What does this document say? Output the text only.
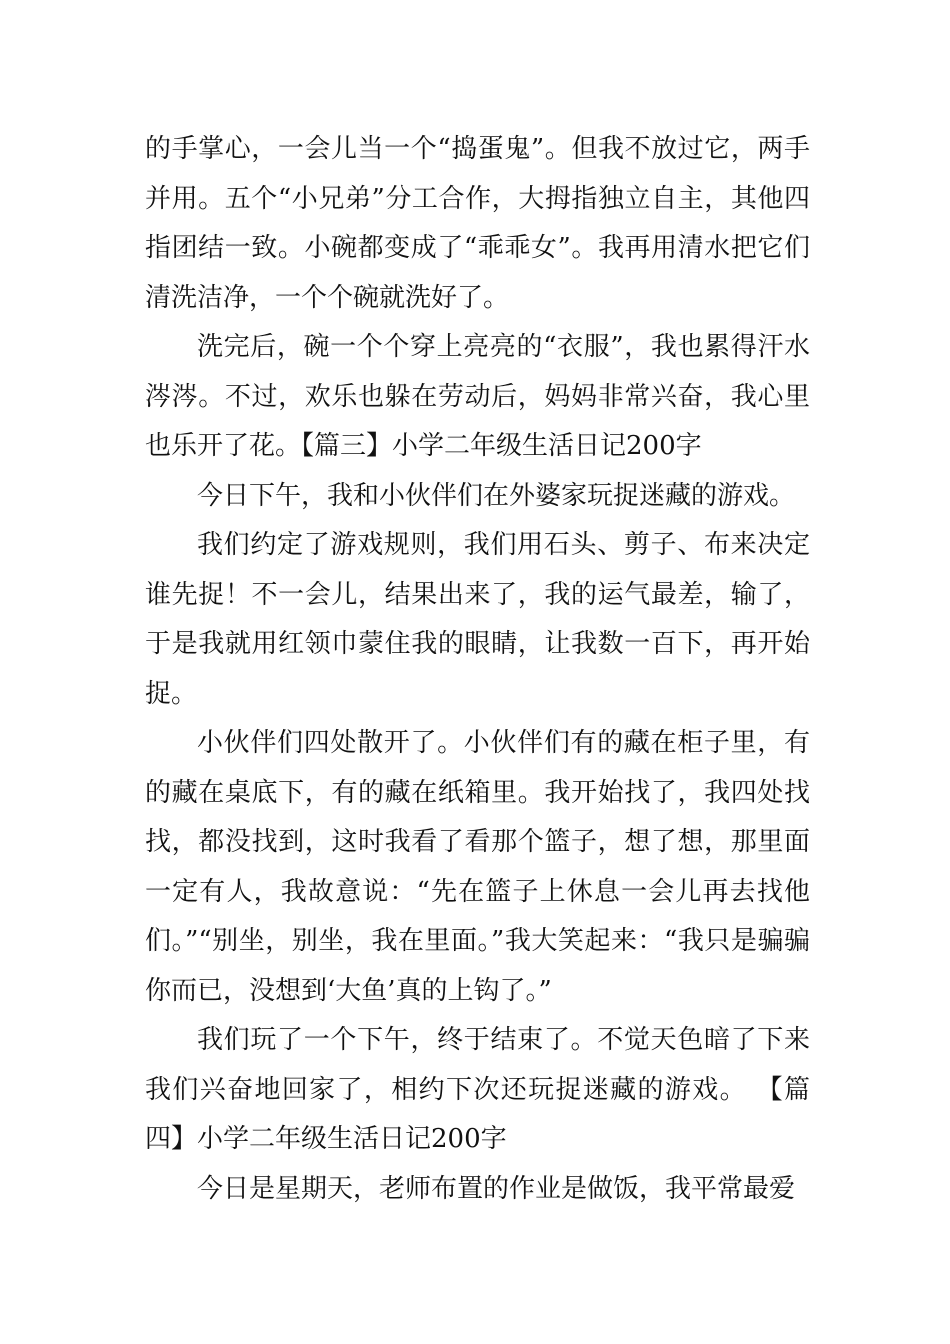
的手掌心，一会儿当一个“捣蛋鬼”。但我不放过它，两手并用。五个“小兄弟”分工合作，大拇指独立自主，其他四指团结一致。小碗都变成了“乖乖女”。我再用清水把它们清洗洁净，一个个碗就洗好了。

洗完后，碗一个个穿上亮亮的“衣服”，我也累得汗水涔涔。不过，欢乐也躲在劳动后，妈妈非常兴奋，我心里也乐开了花。【篇三】小学二年级生活日记200字

今日下午，我和小伙伴们在外婆家玩捉迷藏的游戏。

我们约定了游戏规则，我们用石头、剪子、布来决定谁先捉！不一会儿，结果出来了，我的运气最差，输了，于是我就用红领巾蒙住我的眼睛，让我数一百下，再开始捉。

小伙伴们四处散开了。小伙伴们有的藏在柜子里，有的藏在桌底下，有的藏在纸箱里。我开始找了，我四处找找，都没找到，这时我看了看那个篮子，想了想，那里面一定有人，我故意说：“先在篮子上休息一会儿再去找他们。”“别坐，别坐，我在里面。”我大笑起来：“我只是骗骗你而已，没想到‘大鱼’真的上钩了。”

我们玩了一个下午，终于结束了。不觉天色暗了下来我们兴奋地回家了，相约下次还玩捉迷藏的游戏。 【篇四】小学二年级生活日记200字

今日是星期天，老师布置的作业是做饭，我平常最爱
